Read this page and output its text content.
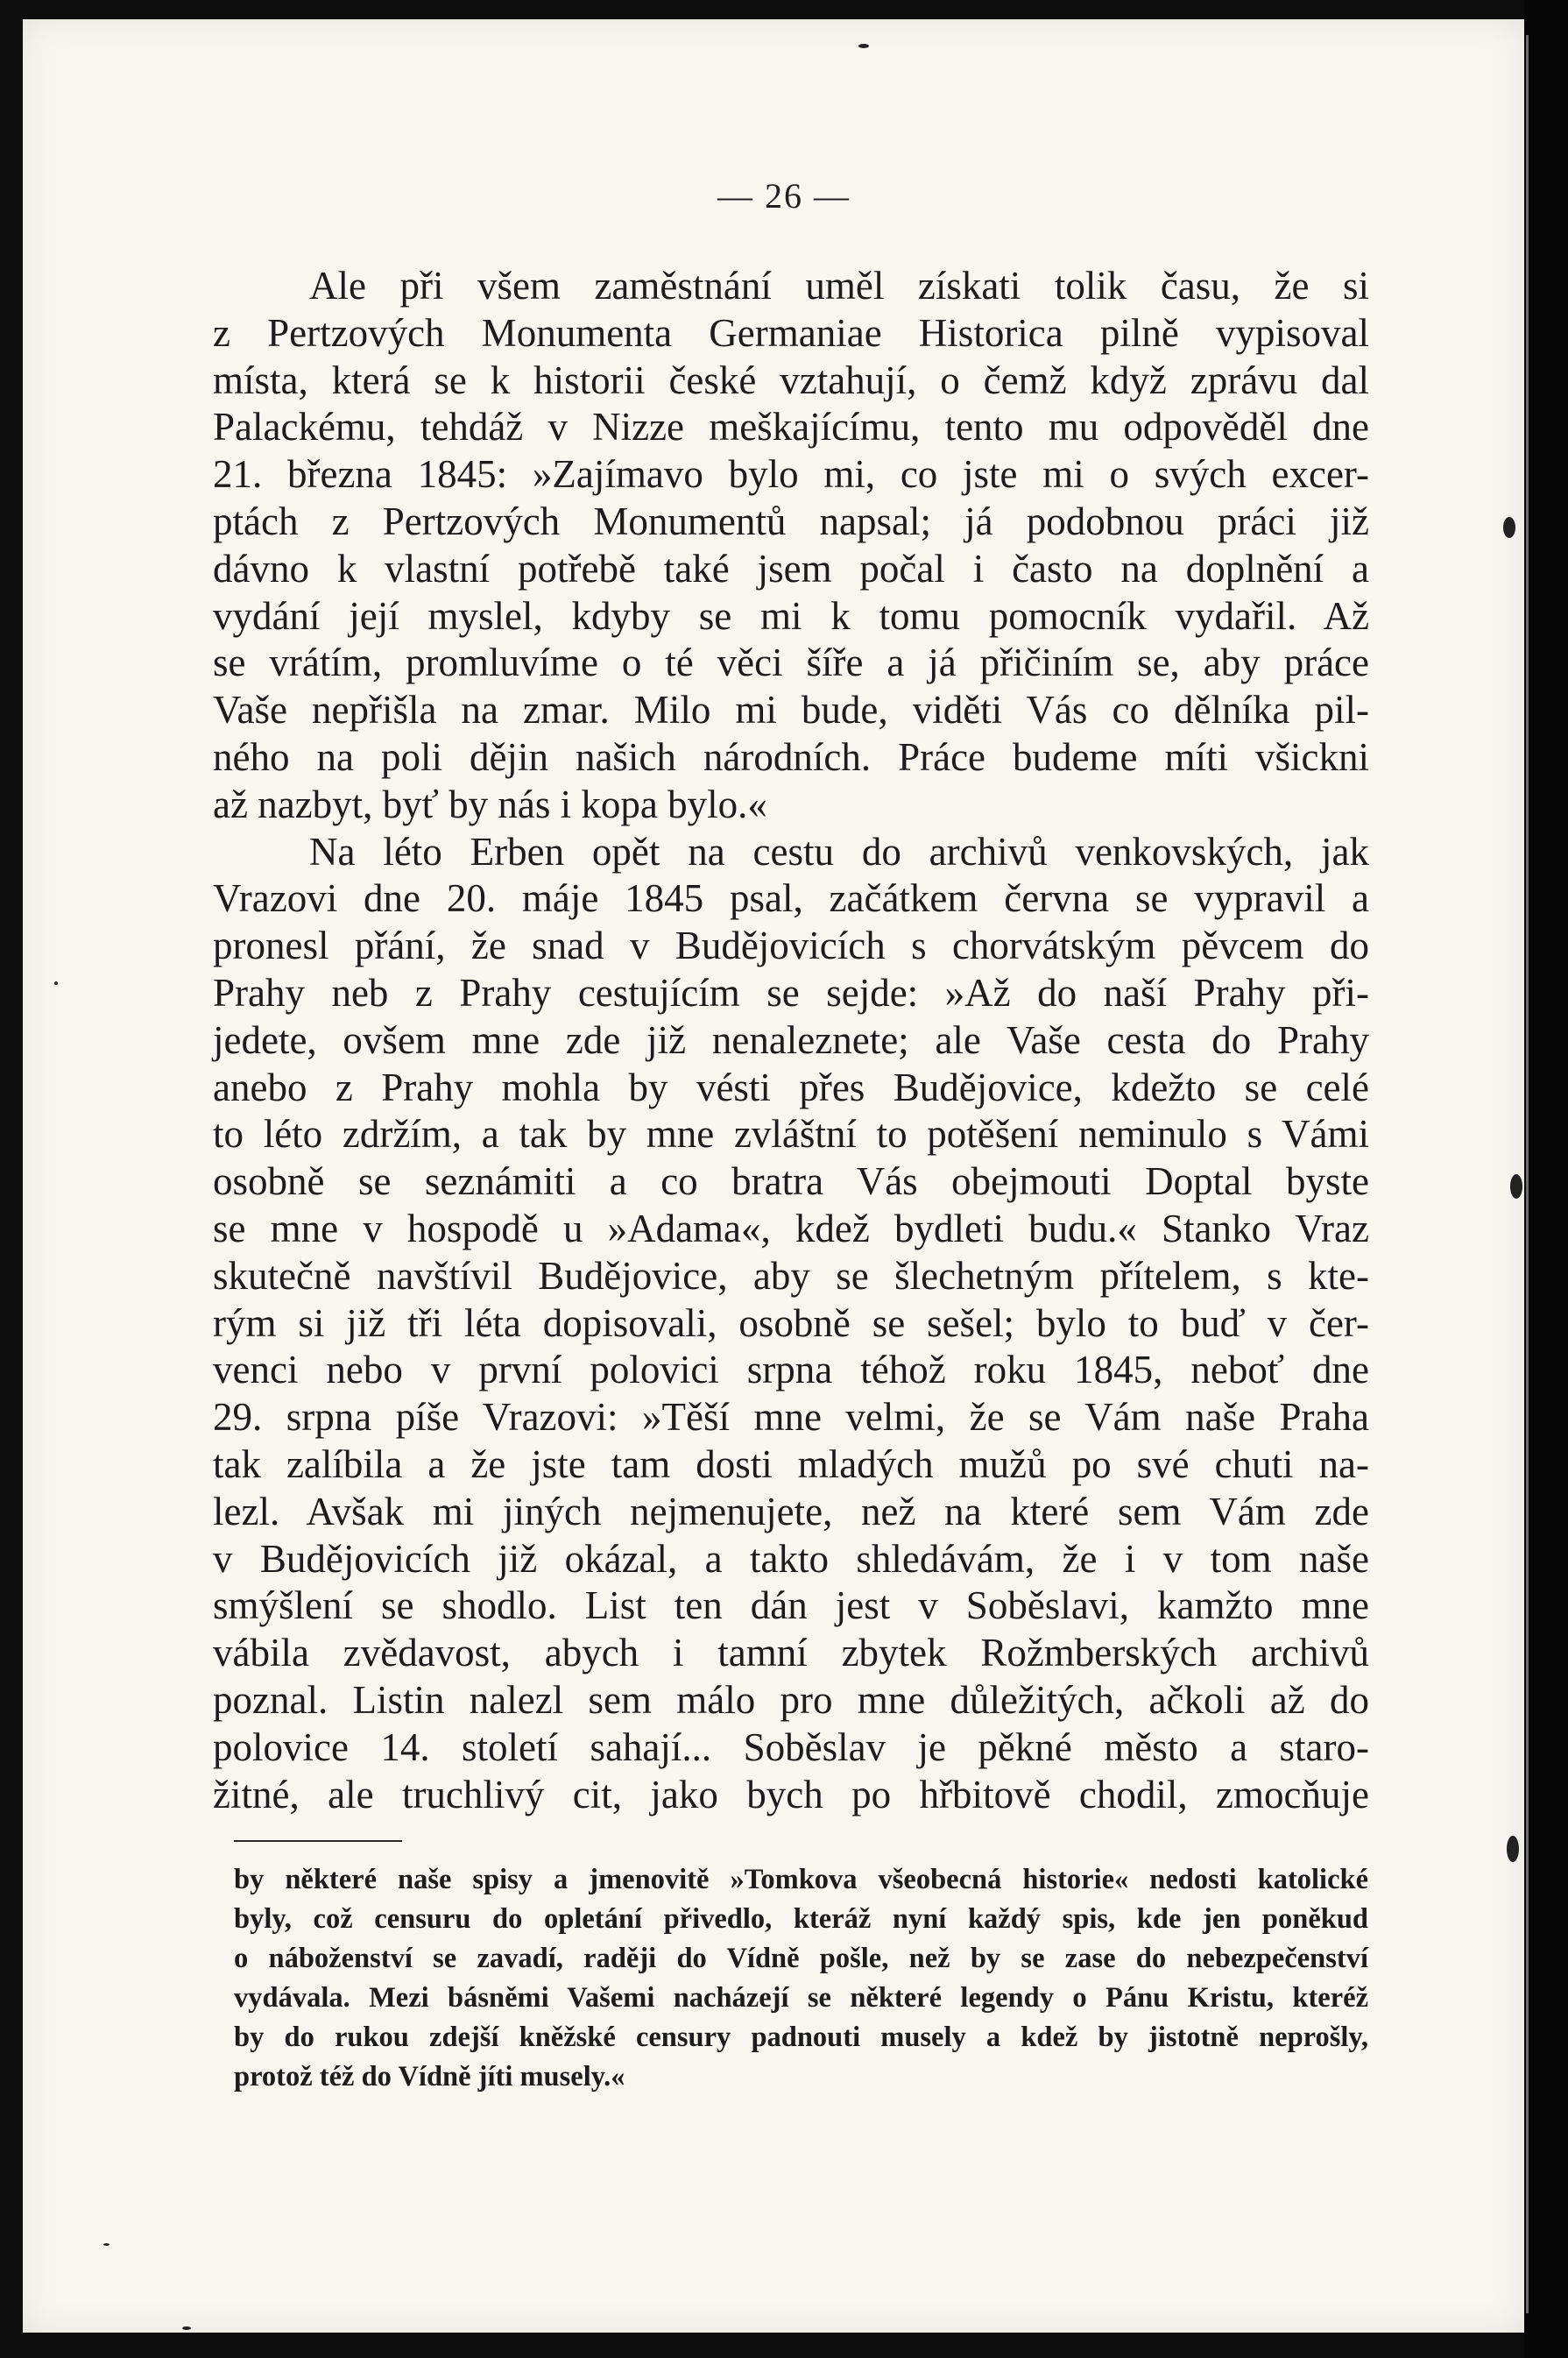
— 26 —
Ale při všem zaměstnání uměl získati tolik času, že si
z Pertzových Monumenta Germaniae Historica pilně vypisoval
místa, která se k historii české vztahují, o čemž když zprávu dal
Palackému, tehdáž v Nizze meškajícímu, tento mu odpověděl dne
21. března 1845: »Zajímavo bylo mi, co jste mi o svých excer-
ptách z Pertzových Monumentů napsal; já podobnou práci již
dávno k vlastní potřebě také jsem počal i často na doplnění a
vydání její myslel, kdyby se mi k tomu pomocník vydařil. Až
se vrátím, promluvíme o té věci šíře a já přičiním se, aby práce
Vaše nepřišla na zmar. Milo mi bude, viděti Vás co dělníka pil-
ného na poli dějin našich národních. Práce budeme míti všickni
až nazbyt, byť by nás i kopa bylo.«
Na léto Erben opět na cestu do archivů venkovských, jak
Vrazovi dne 20. máje 1845 psal, začátkem června se vypravil a
pronesl přání, že snad v Budějovicích s chorvátským pěvcem do
Prahy neb z Prahy cestujícím se sejde: »Až do naší Prahy při-
jedete, ovšem mne zde již nenaleznete; ale Vaše cesta do Prahy
anebo z Prahy mohla by vésti přes Budějovice, kdežto se celé
to léto zdržím, a tak by mne zvláštní to potěšení neminulo s Vámi
osobně se seznámiti a co bratra Vás obejmouti Doptal byste
se mne v hospodě u »Adama«, kdež bydleti budu.« Stanko Vraz
skutečně navštívil Budějovice, aby se šlechetným přítelem, s kte-
rým si již tři léta dopisovali, osobně se sešel; bylo to buď v čer-
venci nebo v první polovici srpna téhož roku 1845, neboť dne
29. srpna píše Vrazovi: »Těší mne velmi, že se Vám naše Praha
tak zalíbila a že jste tam dosti mladých mužů po své chuti na-
lezl. Avšak mi jiných nejmenujete, než na které sem Vám zde
v Budějovicích již okázal, a takto shledávám, že i v tom naše
smýšlení se shodlo. List ten dán jest v Soběslavi, kamžto mne
vábila zvědavost, abych i tamní zbytek Rožmberských archivů
poznal. Listin nalezl sem málo pro mne důležitých, ačkoli až do
polovice 14. století sahají... Soběslav je pěkné město a staro-
žitné, ale truchlivý cit, jako bych po hřbitově chodil, zmocňuje
by některé naše spisy a jmenovitě »Tomkova všeobecná historie« nedosti katolické
byly, což censuru do opletání přivedlo, kteráž nyní každý spis, kde jen poněkud
o náboženství se zavadí, raději do Vídně pošle, než by se zase do nebezpečenství
vydávala. Mezi básněmi Vašemi nacházejí se některé legendy o Pánu Kristu, kteréž
by do rukou zdejší kněžské censury padnouti musely a kdež by jistotně neprošly,
protož též do Vídně jíti musely.«
